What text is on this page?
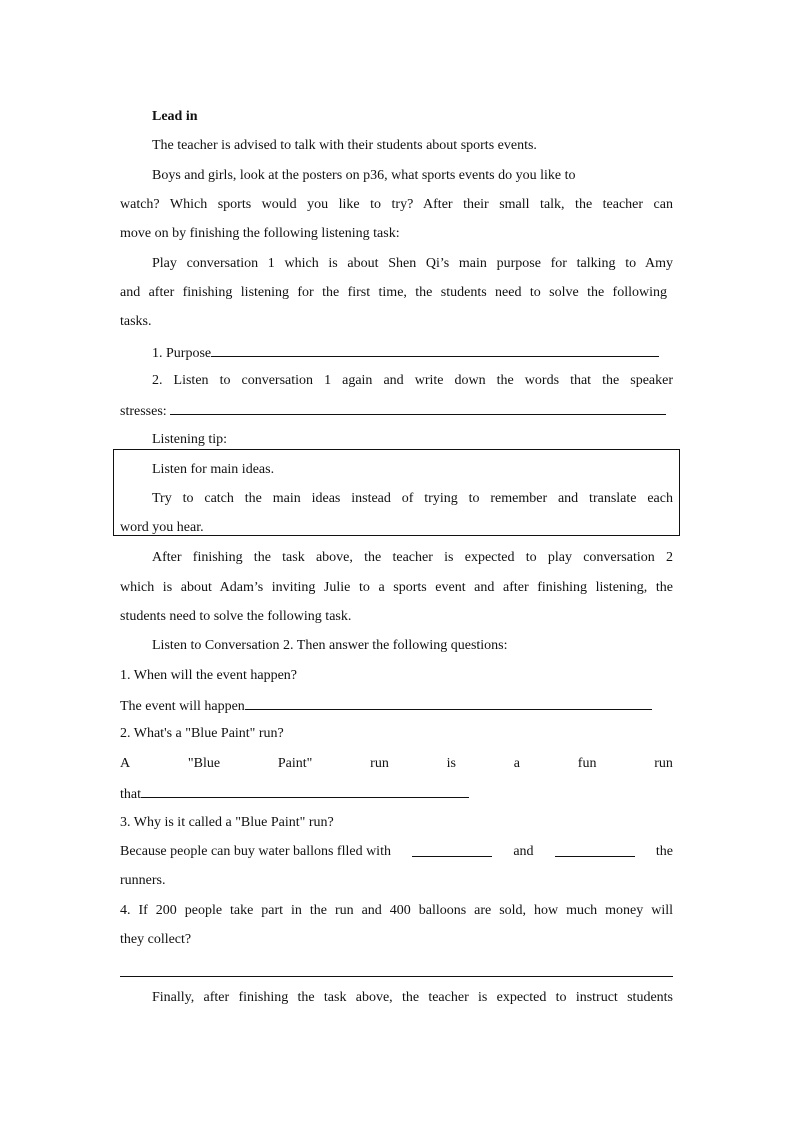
Lead in
The teacher is advised to talk with their students about sports events.
Boys and girls, look at the posters on p36, what sports events do you like to
watch? Which sports would you like to try? After their small talk, the teacher can
move on by finishing the following listening task:
Play conversation 1 which is about Shen Qi’s main purpose for talking to Amy
and after finishing listening for the first time, the students need to solve the following
tasks.
1. Purpose
2. Listen to conversation 1 again and write down the words that the speaker
stresses:
Listening tip:
Listen for main ideas.
Try to catch the main ideas instead of trying to remember and translate each
word you hear.
After finishing the task above, the teacher is expected to play conversation 2
which is about Adam’s inviting Julie to a sports event and after finishing listening, the
students need to solve the following task.
Listen to Conversation 2. Then answer the following questions:
1. When will the event happen?
The event will happen
2. What's a "Blue Paint" run?
A	"Blue	Paint"	run	is	a	fun	run
that
3. Why is it called a "Blue Paint" run?
Because people can buy water ballons flled with	and	the
runners.
4. If 200 people take part in the run and 400 balloons are sold, how much money will
they collect?
Finally, after finishing the task above, the teacher is expected to instruct students
